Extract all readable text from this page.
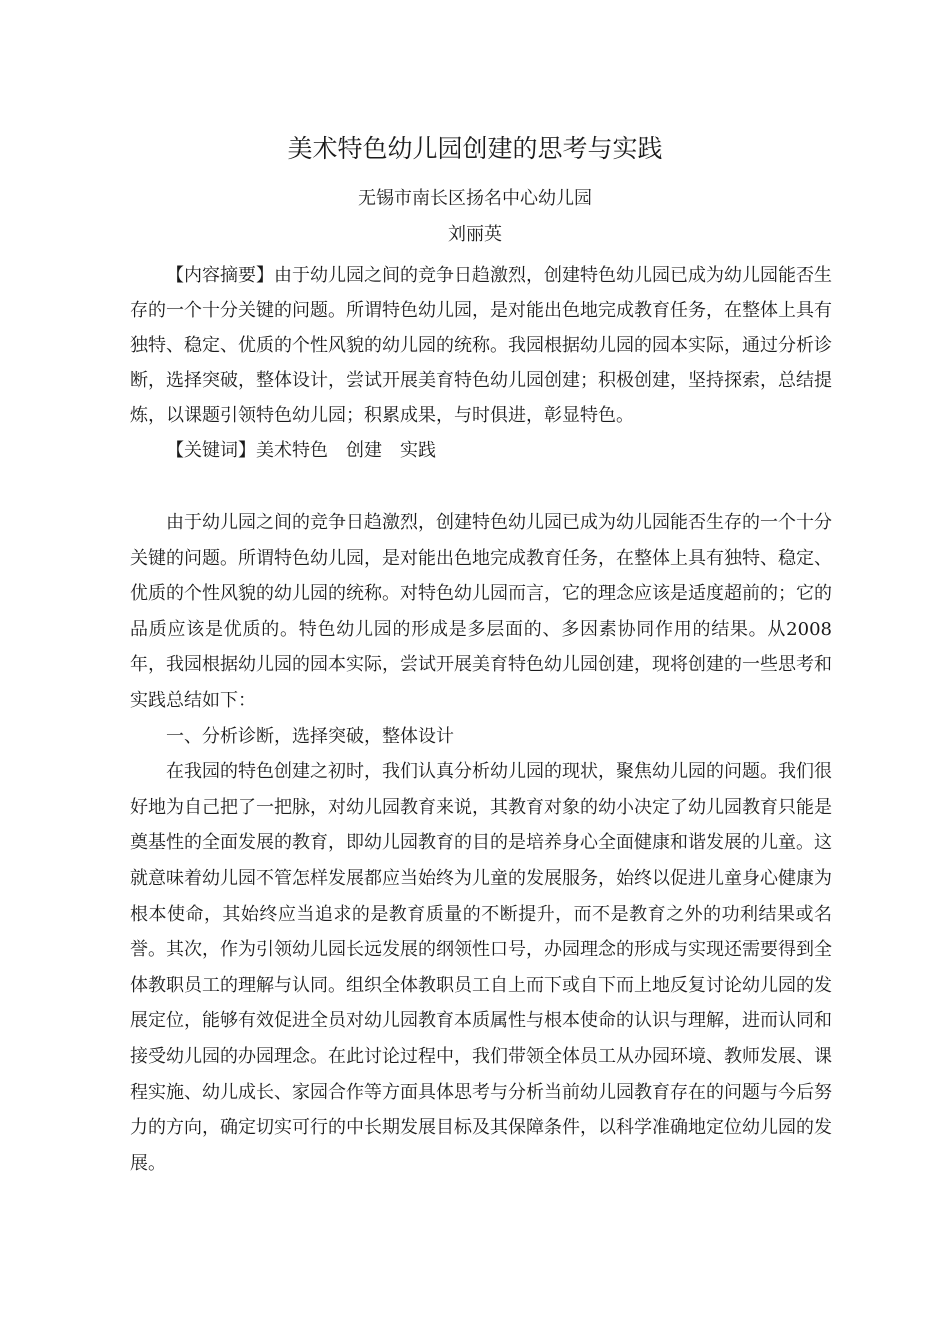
美术特色幼儿园创建的思考与实践
无锡市南长区扬名中心幼儿园
刘丽英

【内容摘要】由于幼儿园之间的竞争日趋激烈，创建特色幼儿园已成为幼儿园能否生存的一个十分关键的问题。所谓特色幼儿园，是对能出色地完成教育任务，在整体上具有独特、稳定、优质的个性风貌的幼儿园的统称。我园根据幼儿园的园本实际，通过分析诊断，选择突破，整体设计，尝试开展美育特色幼儿园创建；积极创建，坚持探索，总结提炼，以课题引领特色幼儿园；积累成果，与时俱进，彰显特色。

【关键词】美术特色　创建　实践

由于幼儿园之间的竞争日趋激烈，创建特色幼儿园已成为幼儿园能否生存的一个十分关键的问题。所谓特色幼儿园，是对能出色地完成教育任务，在整体上具有独特、稳定、优质的个性风貌的幼儿园的统称。对特色幼儿园而言，它的理念应该是适度超前的；它的品质应该是优质的。特色幼儿园的形成是多层面的、多因素协同作用的结果。从2008年，我园根据幼儿园的园本实际，尝试开展美育特色幼儿园创建，现将创建的一些思考和实践总结如下：

一、分析诊断，选择突破，整体设计

在我园的特色创建之初时，我们认真分析幼儿园的现状，聚焦幼儿园的问题。我们很好地为自己把了一把脉，对幼儿园教育来说，其教育对象的幼小决定了幼儿园教育只能是奠基性的全面发展的教育，即幼儿园教育的目的是培养身心全面健康和谐发展的儿童。这就意味着幼儿园不管怎样发展都应当始终为儿童的发展服务，始终以促进儿童身心健康为根本使命，其始终应当追求的是教育质量的不断提升，而不是教育之外的功利结果或名誉。其次，作为引领幼儿园长远发展的纲领性口号，办园理念的形成与实现还需要得到全体教职员工的理解与认同。组织全体教职员工自上而下或自下而上地反复讨论幼儿园的发展定位，能够有效促进全员对幼儿园教育本质属性与根本使命的认识与理解，进而认同和接受幼儿园的办园理念。在此讨论过程中，我们带领全体员工从办园环境、教师发展、课程实施、幼儿成长、家园合作等方面具体思考与分析当前幼儿园教育存在的问题与今后努力的方向，确定切实可行的中长期发展目标及其保障条件，以科学准确地定位幼儿园的发展。
